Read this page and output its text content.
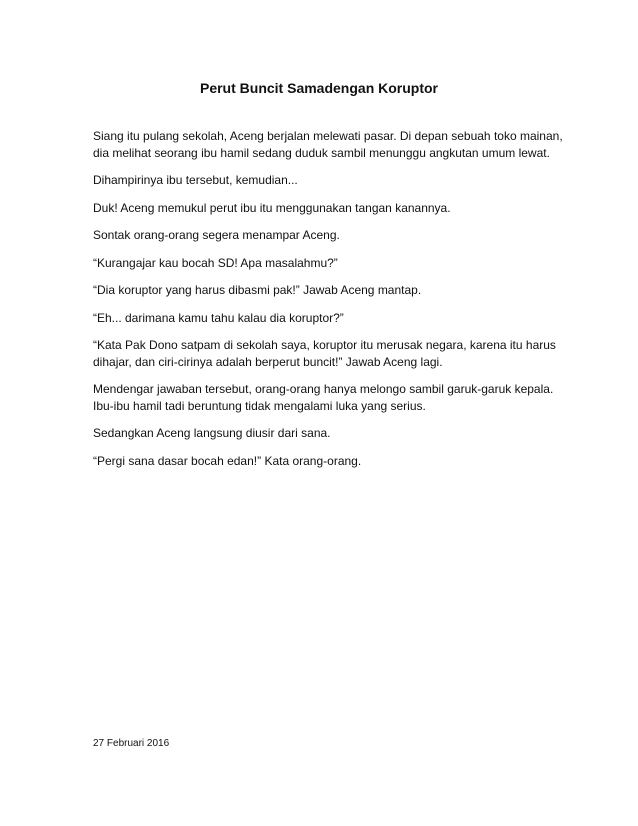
Perut Buncit Samadengan Koruptor

Siang itu pulang sekolah, Aceng berjalan melewati pasar. Di depan sebuah toko mainan,
dia melihat seorang ibu hamil sedang duduk sambil menunggu angkutan umum lewat.

Dihampirinya ibu tersebut, kemudian...

Duk! Aceng memukul perut ibu itu menggunakan tangan kanannya.

Sontak orang-orang segera menampar Aceng.

“Kurangajar kau bocah SD! Apa masalahmu?”

“Dia koruptor yang harus dibasmi pak!” Jawab Aceng mantap.

“Eh... darimana kamu tahu kalau dia koruptor?”

“Kata Pak Dono satpam di sekolah saya, koruptor itu merusak negara, karena itu harus
dihajar, dan ciri-cirinya adalah berperut buncit!” Jawab Aceng lagi.

Mendengar jawaban tersebut, orang-orang hanya melongo sambil garuk-garuk kepala.
Ibu-ibu hamil tadi beruntung tidak mengalami luka yang serius.

Sedangkan Aceng langsung diusir dari sana.

“Pergi sana dasar bocah edan!” Kata orang-orang.

27 Februari 2016
